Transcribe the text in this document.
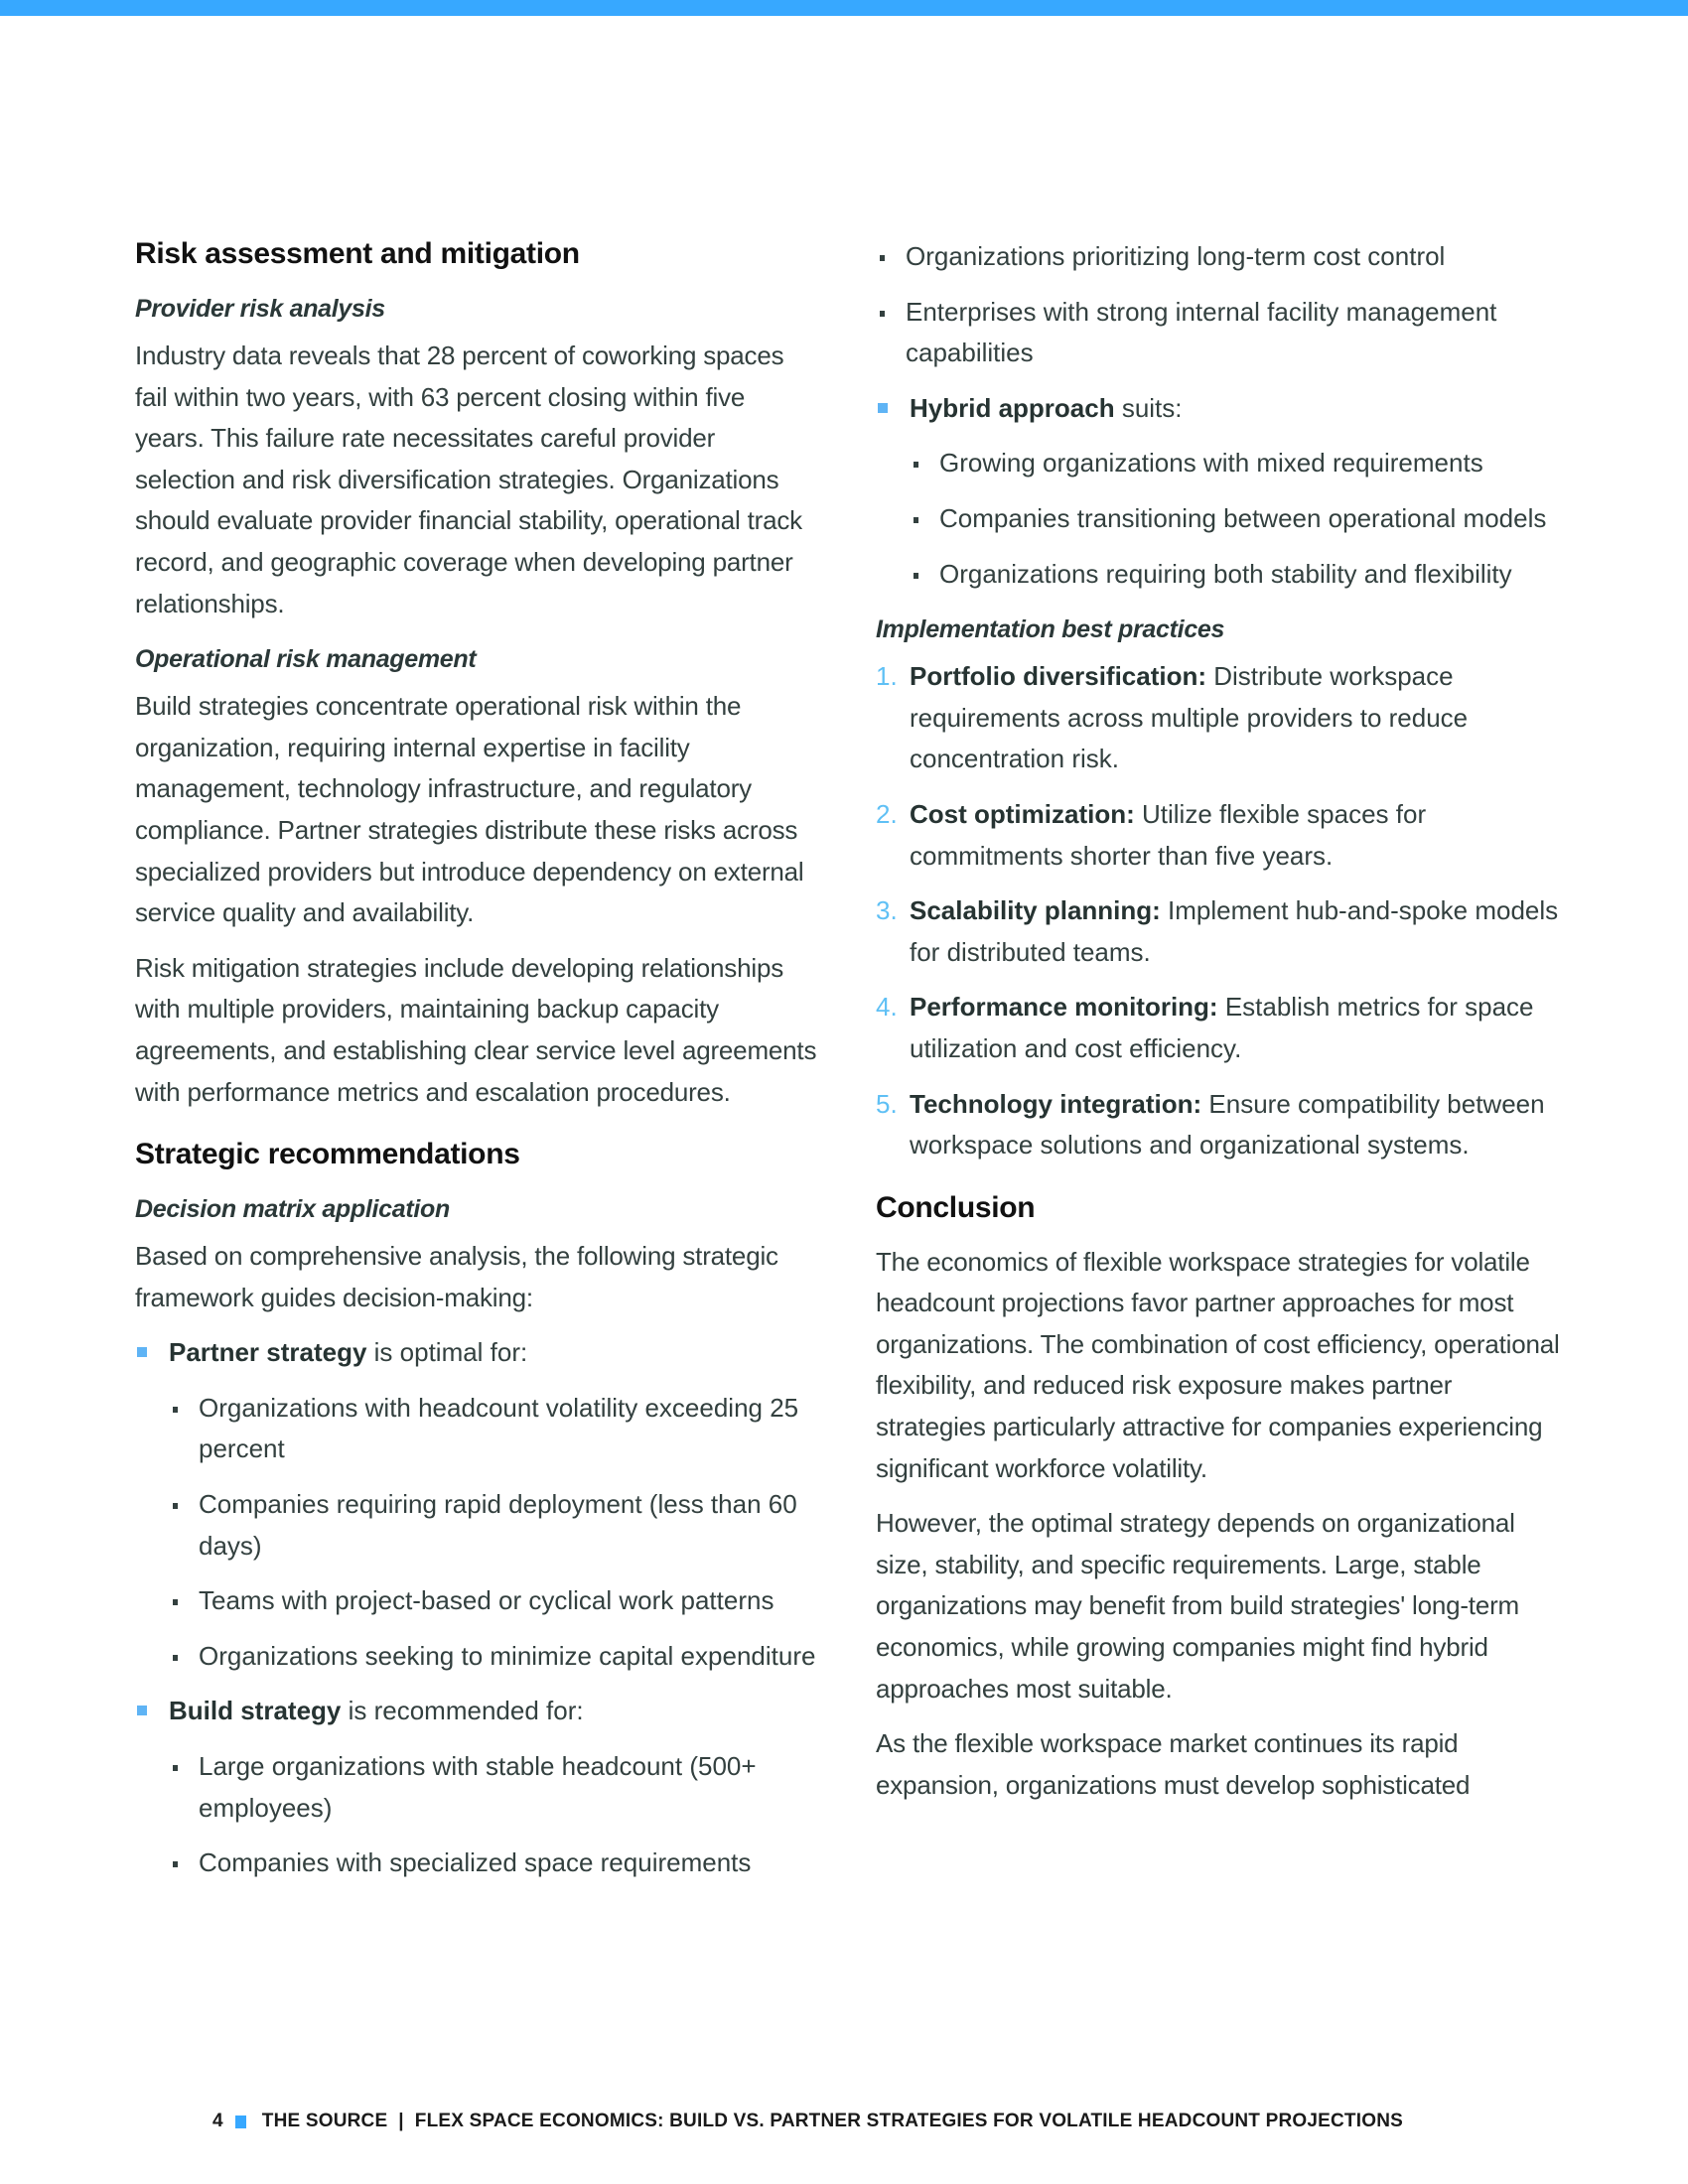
Risk assessment and mitigation
Provider risk analysis

Industry data reveals that 28 percent of coworking spaces fail within two years, with 63 percent closing within five years. This failure rate necessitates careful provider selection and risk diversification strategies. Organizations should evaluate provider financial stability, operational track record, and geographic coverage when developing partner relationships.

Operational risk management

Build strategies concentrate operational risk within the organization, requiring internal expertise in facility management, technology infrastructure, and regulatory compliance. Partner strategies distribute these risks across specialized providers but introduce dependency on external service quality and availability.

Risk mitigation strategies include developing relationships with multiple providers, maintaining backup capacity agreements, and establishing clear service level agreements with performance metrics and escalation procedures.

Strategic recommendations
Decision matrix application

Based on comprehensive analysis, the following strategic framework guides decision-making:

Partner strategy is optimal for:
Organizations with headcount volatility exceeding 25 percent
Companies requiring rapid deployment (less than 60 days)
Teams with project-based or cyclical work patterns
Organizations seeking to minimize capital expenditure
Build strategy is recommended for:
Large organizations with stable headcount (500+ employees)
Companies with specialized space requirements
Organizations prioritizing long-term cost control
Enterprises with strong internal facility management capabilities
Hybrid approach suits:
Growing organizations with mixed requirements
Companies transitioning between operational models
Organizations requiring both stability and flexibility
Implementation best practices
1. Portfolio diversification: Distribute workspace requirements across multiple providers to reduce concentration risk.
2. Cost optimization: Utilize flexible spaces for commitments shorter than five years.
3. Scalability planning: Implement hub-and-spoke models for distributed teams.
4. Performance monitoring: Establish metrics for space utilization and cost efficiency.
5. Technology integration: Ensure compatibility between workspace solutions and organizational systems.
Conclusion

The economics of flexible workspace strategies for volatile headcount projections favor partner approaches for most organizations. The combination of cost efficiency, operational flexibility, and reduced risk exposure makes partner strategies particularly attractive for companies experiencing significant workforce volatility.

However, the optimal strategy depends on organizational size, stability, and specific requirements. Large, stable organizations may benefit from build strategies' long-term economics, while growing companies might find hybrid approaches most suitable.

As the flexible workspace market continues its rapid expansion, organizations must develop sophisticated

4 THE SOURCE  |  FLEX SPACE ECONOMICS: BUILD VS. PARTNER STRATEGIES FOR VOLATILE HEADCOUNT PROJECTIONS
